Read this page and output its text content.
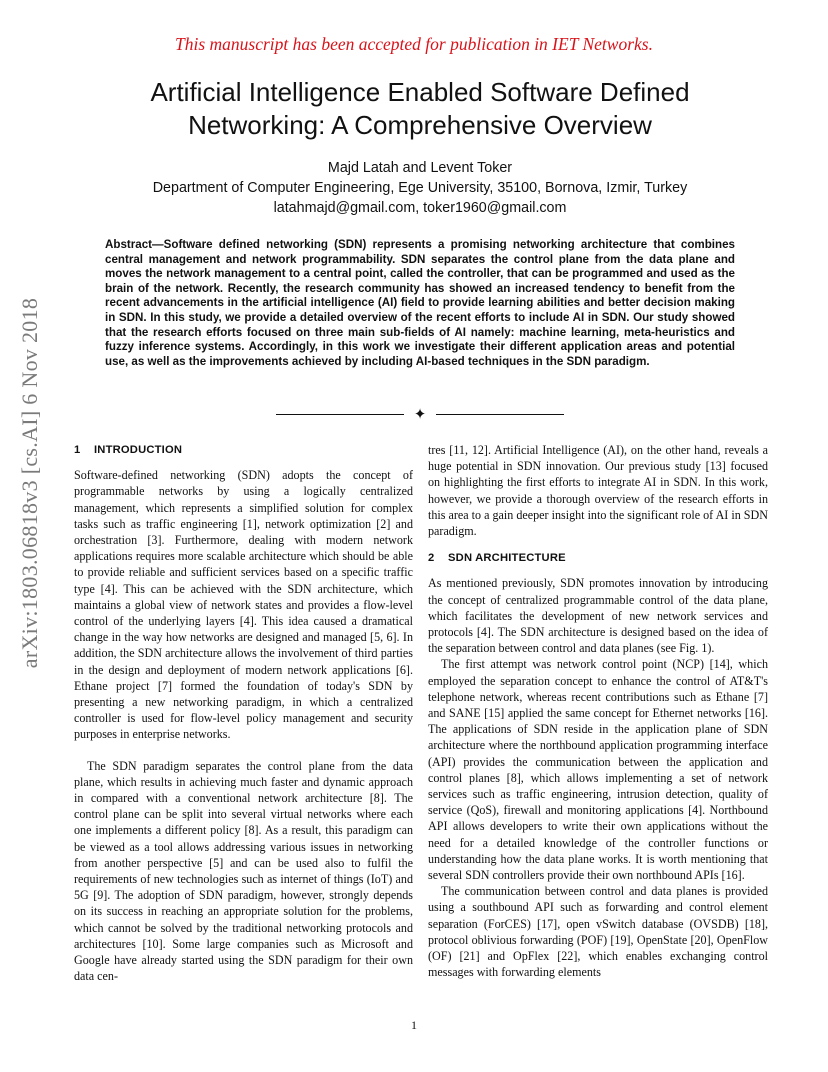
This manuscript has been accepted for publication in IET Networks.
arXiv:1803.06818v3 [cs.AI] 6 Nov 2018
Artificial Intelligence Enabled Software Defined Networking: A Comprehensive Overview
Majd Latah and Levent Toker
Department of Computer Engineering, Ege University, 35100, Bornova, Izmir, Turkey
latahmajd@gmail.com, toker1960@gmail.com

Abstract—Software defined networking (SDN) represents a promising networking architecture that combines central management and network programmability. SDN separates the control plane from the data plane and moves the network management to a central point, called the controller, that can be programmed and used as the brain of the network. Recently, the research community has showed an increased tendency to benefit from the recent advancements in the artificial intelligence (AI) field to provide learning abilities and better decision making in SDN. In this study, we provide a detailed overview of the recent efforts to include AI in SDN. Our study showed that the research efforts focused on three main sub-fields of AI namely: machine learning, meta-heuristics and fuzzy inference systems. Accordingly, in this work we investigate their different application areas and potential use, as well as the improvements achieved by including AI-based techniques in the SDN paradigm.

✦
1 INTRODUCTION

Software-defined networking (SDN) adopts the concept of programmable networks by using a logically centralized management, which represents a simplified solution for complex tasks such as traffic engineering [1], network optimization [2] and orchestration [3]. Furthermore, dealing with modern network applications requires more scalable architecture which should be able to provide reliable and sufficient services based on a specific traffic type [4]. This can be achieved with the SDN architecture, which maintains a global view of network states and provides a flow-level control of the underlying layers [4]. This idea caused a dramatical change in the way how networks are designed and managed [5, 6]. In addition, the SDN architecture allows the involvement of third parties in the design and deployment of modern network applications [6]. Ethane project [7] formed the foundation of today's SDN by presenting a new networking paradigm, in which a centralized controller is used for flow-level policy management and security purposes in enterprise networks.

The SDN paradigm separates the control plane from the data plane, which results in achieving much faster and dynamic approach in compared with a conventional network architecture [8]. The control plane can be split into several virtual networks where each one implements a different policy [8]. As a result, this paradigm can be viewed as a tool allows addressing various issues in networking from another perspective [5] and can be used also to fulfil the requirements of new technologies such as internet of things (IoT) and 5G [9]. The adoption of SDN paradigm, however, strongly depends on its success in reaching an appropriate solution for the problems, which cannot be solved by the traditional networking protocols and architectures [10]. Some large companies such as Microsoft and Google have already started using the SDN paradigm for their own data cen-

tres [11, 12]. Artificial Intelligence (AI), on the other hand, reveals a huge potential in SDN innovation. Our previous study [13] focused on highlighting the first efforts to integrate AI in SDN. In this work, however, we provide a thorough overview of the research efforts in this area to a gain deeper insight into the significant role of AI in SDN paradigm.

2 SDN ARCHITECTURE

As mentioned previously, SDN promotes innovation by introducing the concept of centralized programmable control of the data plane, which facilitates the development of new network services and protocols [4]. The SDN architecture is designed based on the idea of the separation between control and data planes (see Fig. 1).

The first attempt was network control point (NCP) [14], which employed the separation concept to enhance the control of AT&T's telephone network, whereas recent contributions such as Ethane [7] and SANE [15] applied the same concept for Ethernet networks [16]. The applications of SDN reside in the application plane of SDN architecture where the northbound application programming interface (API) provides the communication between the application and control planes [8], which allows implementing a set of network services such as traffic engineering, intrusion detection, quality of service (QoS), firewall and monitoring applications [4]. Northbound API allows developers to write their own applications without the need for a detailed knowledge of the controller functions or understanding how the data plane works. It is worth mentioning that several SDN controllers provide their own northbound APIs [16].

The communication between control and data planes is provided using a southbound API such as forwarding and control element separation (ForCES) [17], open vSwitch database (OVSDB) [18], protocol oblivious forwarding (POF) [19], OpenState [20], OpenFlow (OF) [21] and OpFlex [22], which enables exchanging control messages with forwarding elements

1
